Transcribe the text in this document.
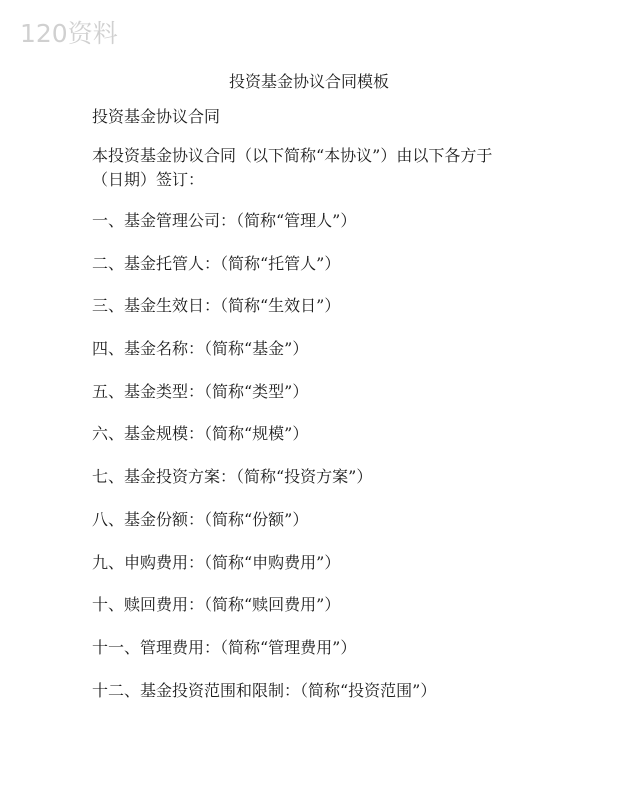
120资料
投资基金协议合同模板
投资基金协议合同
本投资基金协议合同（以下简称“本协议”）由以下各方于
（日期）签订：
一、基金管理公司：（简称“管理人”）
二、基金托管人：（简称“托管人”）
三、基金生效日：（简称“生效日”）
四、基金名称：（简称“基金”）
五、基金类型：（简称“类型”）
六、基金规模：（简称“规模”）
七、基金投资方案：（简称“投资方案”）
八、基金份额：（简称“份额”）
九、申购费用：（简称“申购费用”）
十、赎回费用：（简称“赎回费用”）
十一、管理费用：（简称“管理费用”）
十二、基金投资范围和限制：（简称“投资范围”）
